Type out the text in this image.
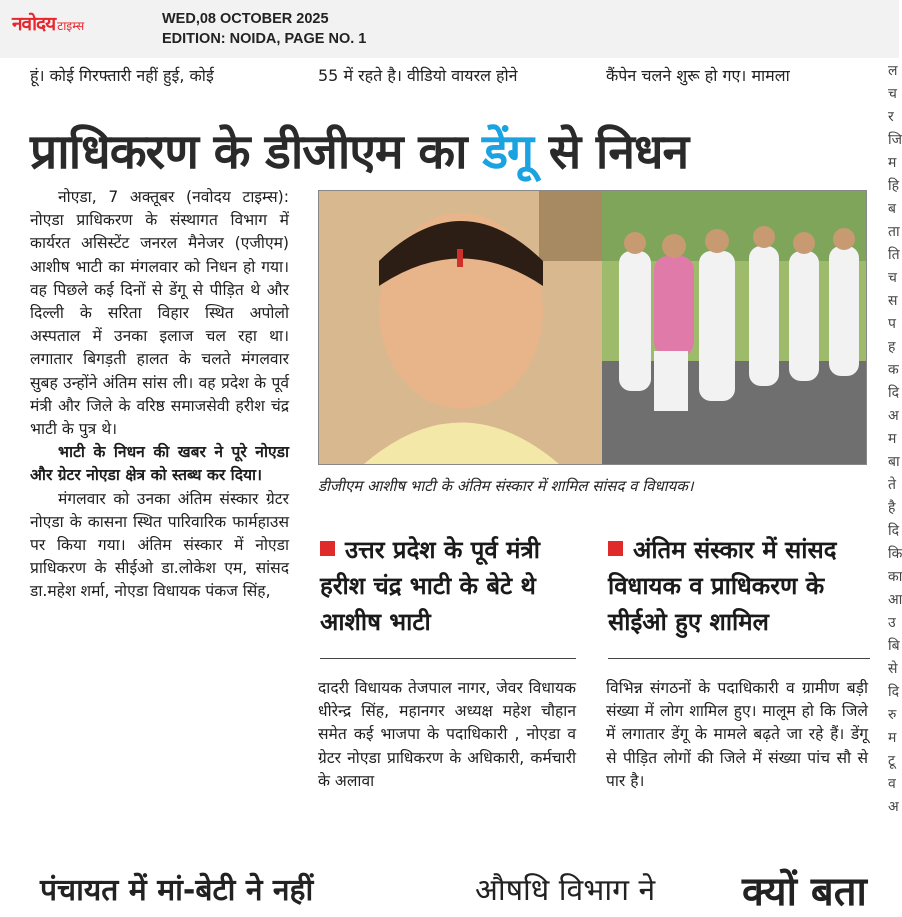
नवोदय टाइम्स	WED,08 OCTOBER 2025
EDITION: NOIDA, PAGE NO. 1
हूं। कोई गिरफ्तारी नहीं हुई, कोई	55 में रहते है। वीडियो वायरल होने	कैंपेन चलने शुरू हो गए। मामला
प्राधिकरण के डीजीएम का डेंगू से निधन

नोएडा, 7 अक्तूबर (नवोदय टाइम्स): नोएडा प्राधिकरण के संस्थागत विभाग में कार्यरत असिस्टेंट जनरल मैनेजर (एजीएम) आशीष भाटी का मंगलवार को निधन हो गया। वह पिछले कई दिनों से डेंगू से पीड़ित थे और दिल्ली के सरिता विहार स्थित अपोलो अस्पताल में उनका इलाज चल रहा था। लगातार बिगड़ती हालत के चलते मंगलवार सुबह उन्होंने अंतिम सांस ली। वह प्रदेश के पूर्व मंत्री और जिले के वरिष्ठ समाजसेवी हरीश चंद्र भाटी के पुत्र थे।

भाटी के निधन की खबर ने पूरे नोएडा और ग्रेटर नोएडा क्षेत्र को स्तब्ध कर दिया।

मंगलवार को उनका अंतिम संस्कार ग्रेटर नोएडा के कासना स्थित पारिवारिक फार्महाउस पर किया गया। अंतिम संस्कार में नोएडा प्राधिकरण के सीईओ डा.लोकेश एम, सांसद डा.महेश शर्मा, नोएडा विधायक पंकज सिंह,

डीजीएम आशीष भाटी के अंतिम संस्कार में शामिल सांसद व विधायक।
उत्तर प्रदेश के पूर्व मंत्री हरीश चंद्र भाटी के बेटे थे आशीष भाटी
अंतिम संस्कार में सांसद विधायक व प्राधिकरण के सीईओ हुए शामिल

दादरी विधायक तेजपाल नागर, जेवर विधायक धीरेन्द्र सिंह, महानगर अध्यक्ष महेश चौहान समेत कई भाजपा के पदाधिकारी , नोएडा व ग्रेटर नोएडा प्राधिकरण के अधिकारी, कर्मचारी के अलावा

विभिन्न संगठनों के पदाधिकारी व ग्रामीण बड़ी संख्या में लोग शामिल हुए। मालूम हो कि जिले में लगातार डेंगू के मामले बढ़ते जा रहे हैं। डेंगू से पीड़ित लोगों की जिले में संख्या पांच सौ से पार है।

पंचायत में मां-बेटी ने नहीं	औषधि विभाग ने क्यों बता
ल
च
र
जि
म
हि
ब
ता
ति
च
स
प
ह
क
दि
अ
म
बा
ते
है
दि
कि
का
आ
उ
बि
से
दि
रु
म
टू
व
अ
